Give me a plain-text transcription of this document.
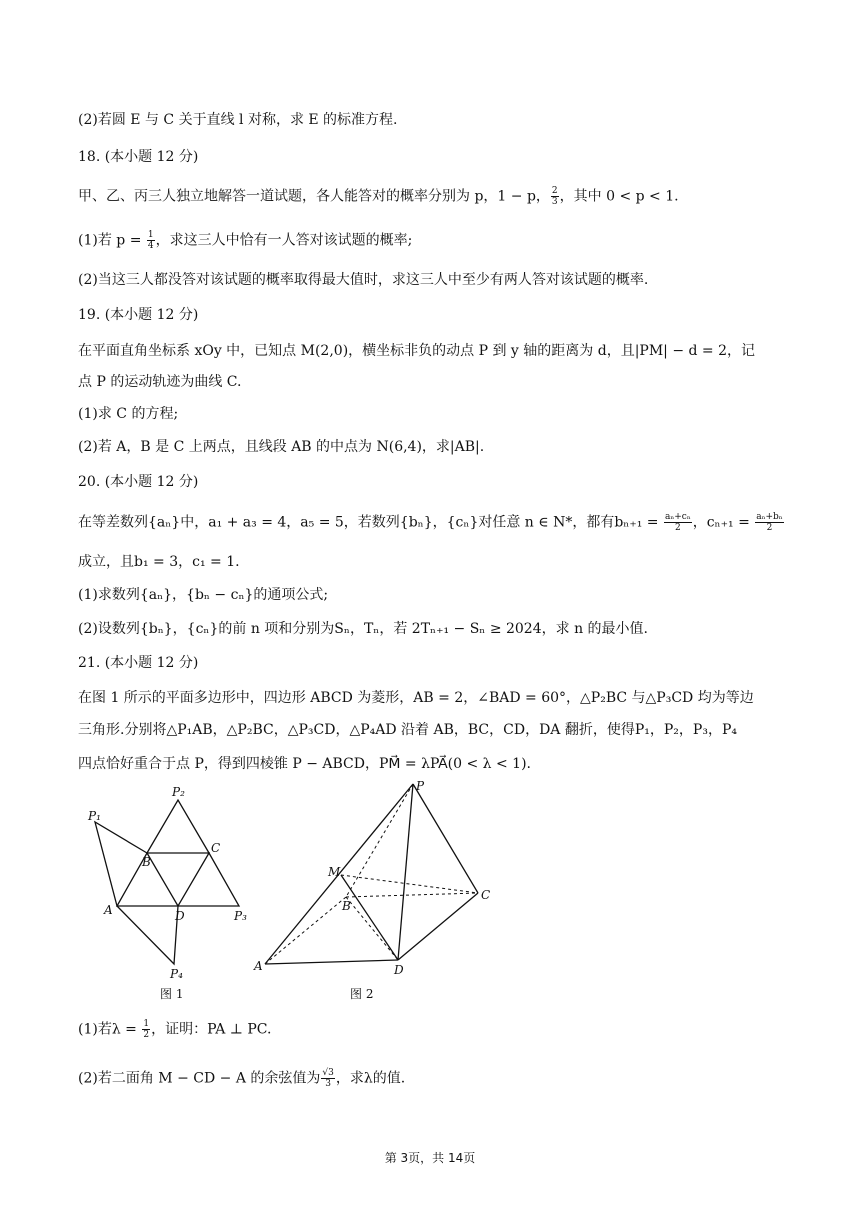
(2)若圆 E 与 C 关于直线 l 对称，求 E 的标准方程.
18. (本小题 12 分)
甲、乙、丙三人独立地解答一道试题，各人能答对的概率分别为 p，1 − p， $\frac{2}{3}$ ，其中 0 < p < 1.
(1)若 $p = \frac{1}{4}$ ，求这三人中恰有一人答对该试题的概率;
(2)当这三人都没答对该试题的概率取得最大值时，求这三人中至少有两人答对该试题的概率.
19. (本小题 12 分)
在平面直角坐标系 xOy 中，已知点 M(2,0)，横坐标非负的动点 P 到 y 轴的距离为 d，且|PM| − d = 2，记
点 P 的运动轨迹为曲线 C.
(1)求 C 的方程;
(2)若 A，B 是 C 上两点，且线段 AB 的中点为 N(6,4)，求|AB|.
20. (本小题 12 分)
在等差数列{aₙ}中，a₁ + a₃ = 4，a₅ = 5，若数列{bₙ}，{cₙ}对任意 n ∈ N*，都有$b_{n+1} = \frac{\text{aₙ+cₙ}}{2}$ ，$c_{n+1} = \frac{\text{aₙ+bₙ}}{2}$
成立，且b₁ = 3，c₁ = 1.
(1)求数列{aₙ}，{bₙ − cₙ}的通项公式;
(2)设数列{bₙ}，{cₙ}的前 n 项和分别为Sₙ，Tₙ，若 2Tₙ₊₁ − Sₙ ≥ 2024，求 n 的最小值.
21. (本小题 12 分)
在图 1 所示的平面多边形中，四边形 ABCD 为菱形，AB = 2，∠BAD = 60°，△P₂BC 与△P₃CD 均为等边
三角形.分别将△P₁AB，△P₂BC，△P₃CD，△P₄AD 沿着 AB，BC，CD，DA 翻折，使得P₁，P₂，P₃，P₄
四点恰好重合于点 P，得到四棱锥 P − ABCD，PM⃗ = λPA⃗(0 < λ < 1).
P₁
P₂
C
B
A	D	P₃
P₄
图 1
P
M
B
C
A	D
图 2
(1)若$\lambda = \frac{1}{2}$ ，证明：PA ⊥ PC.
(2)若二面角 M − CD − A 的余弦值为 $\frac{√3}{3}$ ，求λ的值.
第 3页，共 14页
